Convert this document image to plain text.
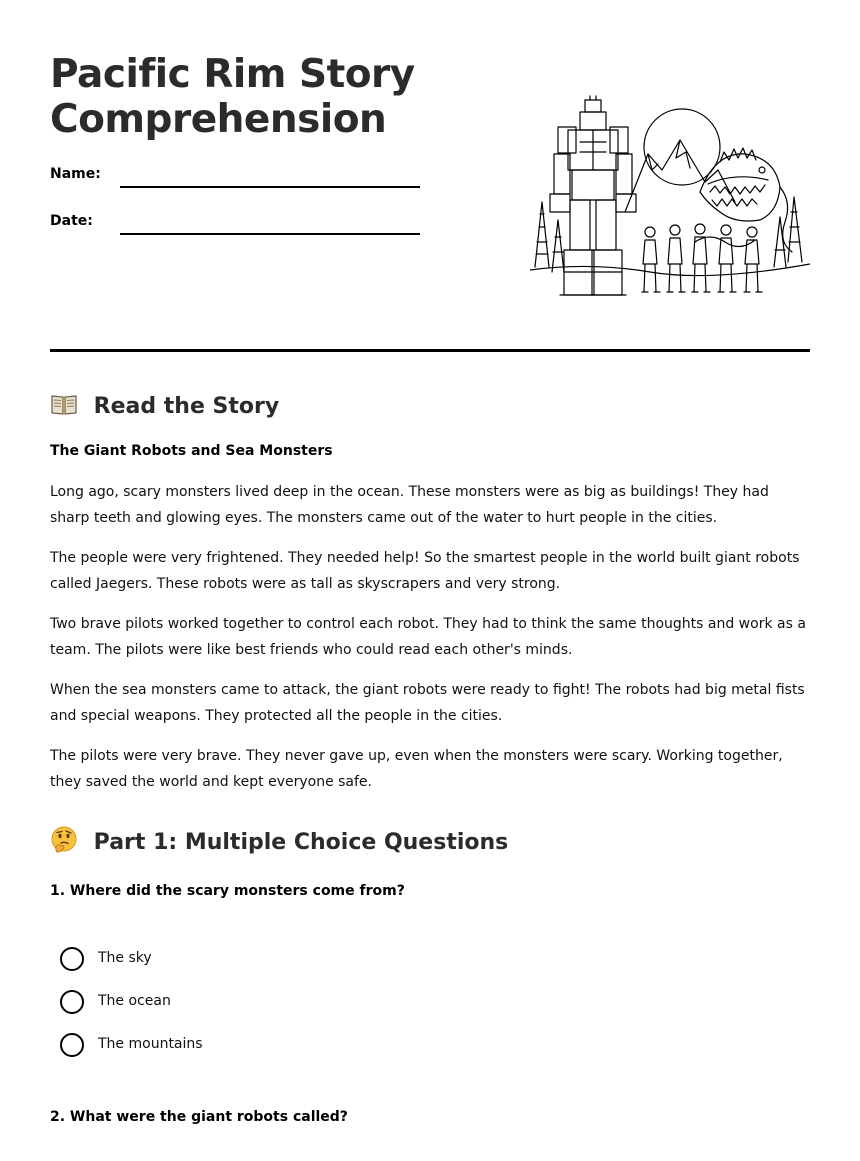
Pacific Rim Story Comprehension
Name:
Date:
Read the Story
The Giant Robots and Sea Monsters

Long ago, scary monsters lived deep in the ocean. These monsters were as big as buildings! They had sharp teeth and glowing eyes. The monsters came out of the water to hurt people in the cities.

The people were very frightened. They needed help! So the smartest people in the world built giant robots called Jaegers. These robots were as tall as skyscrapers and very strong.

Two brave pilots worked together to control each robot. They had to think the same thoughts and work as a team. The pilots were like best friends who could read each other's minds.

When the sea monsters came to attack, the giant robots were ready to fight! The robots had big metal fists and special weapons. They protected all the people in the cities.

The pilots were very brave. They never gave up, even when the monsters were scary. Working together, they saved the world and kept everyone safe.

Part 1: Multiple Choice Questions
1. Where did the scary monsters come from?
The sky
The ocean
The mountains
2. What were the giant robots called?
